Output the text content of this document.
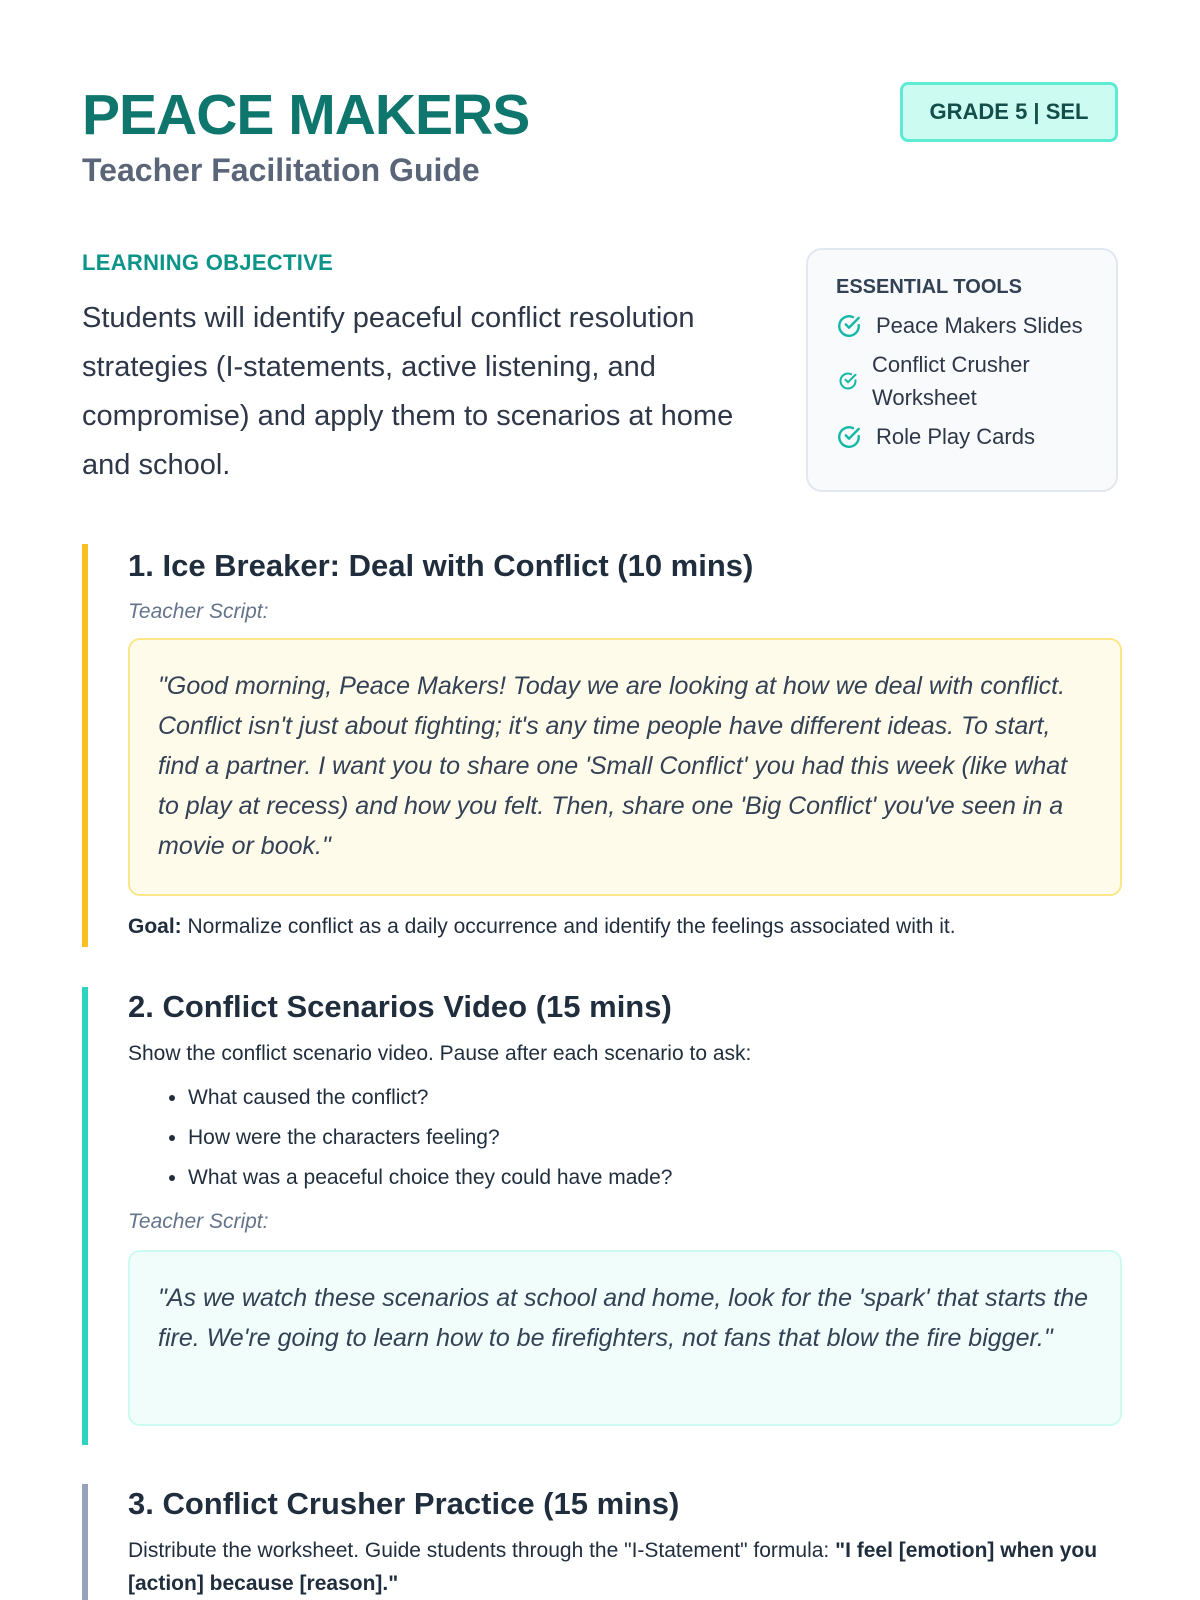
PEACE MAKERS

Teacher Facilitation Guide

GRADE 5 | SEL

LEARNING OBJECTIVE

Students will identify peaceful conflict resolution strategies (I-statements, active listening, and compromise) and apply them to scenarios at home and school.

ESSENTIAL TOOLS

Peace Makers Slides
Conflict Crusher Worksheet
Role Play Cards
1. Ice Breaker: Deal with Conflict (10 mins)

Teacher Script:

"Good morning, Peace Makers! Today we are looking at how we deal with conflict. Conflict isn't just about fighting; it's any time people have different ideas. To start, find a partner. I want you to share one 'Small Conflict' you had this week (like what to play at recess) and how you felt. Then, share one 'Big Conflict' you've seen in a movie or book."

Goal: Normalize conflict as a daily occurrence and identify the feelings associated with it.

2. Conflict Scenarios Video (15 mins)

Show the conflict scenario video. Pause after each scenario to ask:

• What caused the conflict?
• How were the characters feeling?
• What was a peaceful choice they could have made?

Teacher Script:

"As we watch these scenarios at school and home, look for the 'spark' that starts the fire. We're going to learn how to be firefighters, not fans that blow the fire bigger."
3. Conflict Crusher Practice (15 mins)

Distribute the worksheet. Guide students through the "I-Statement" formula: "I feel [emotion] when you [action] because [reason]."
